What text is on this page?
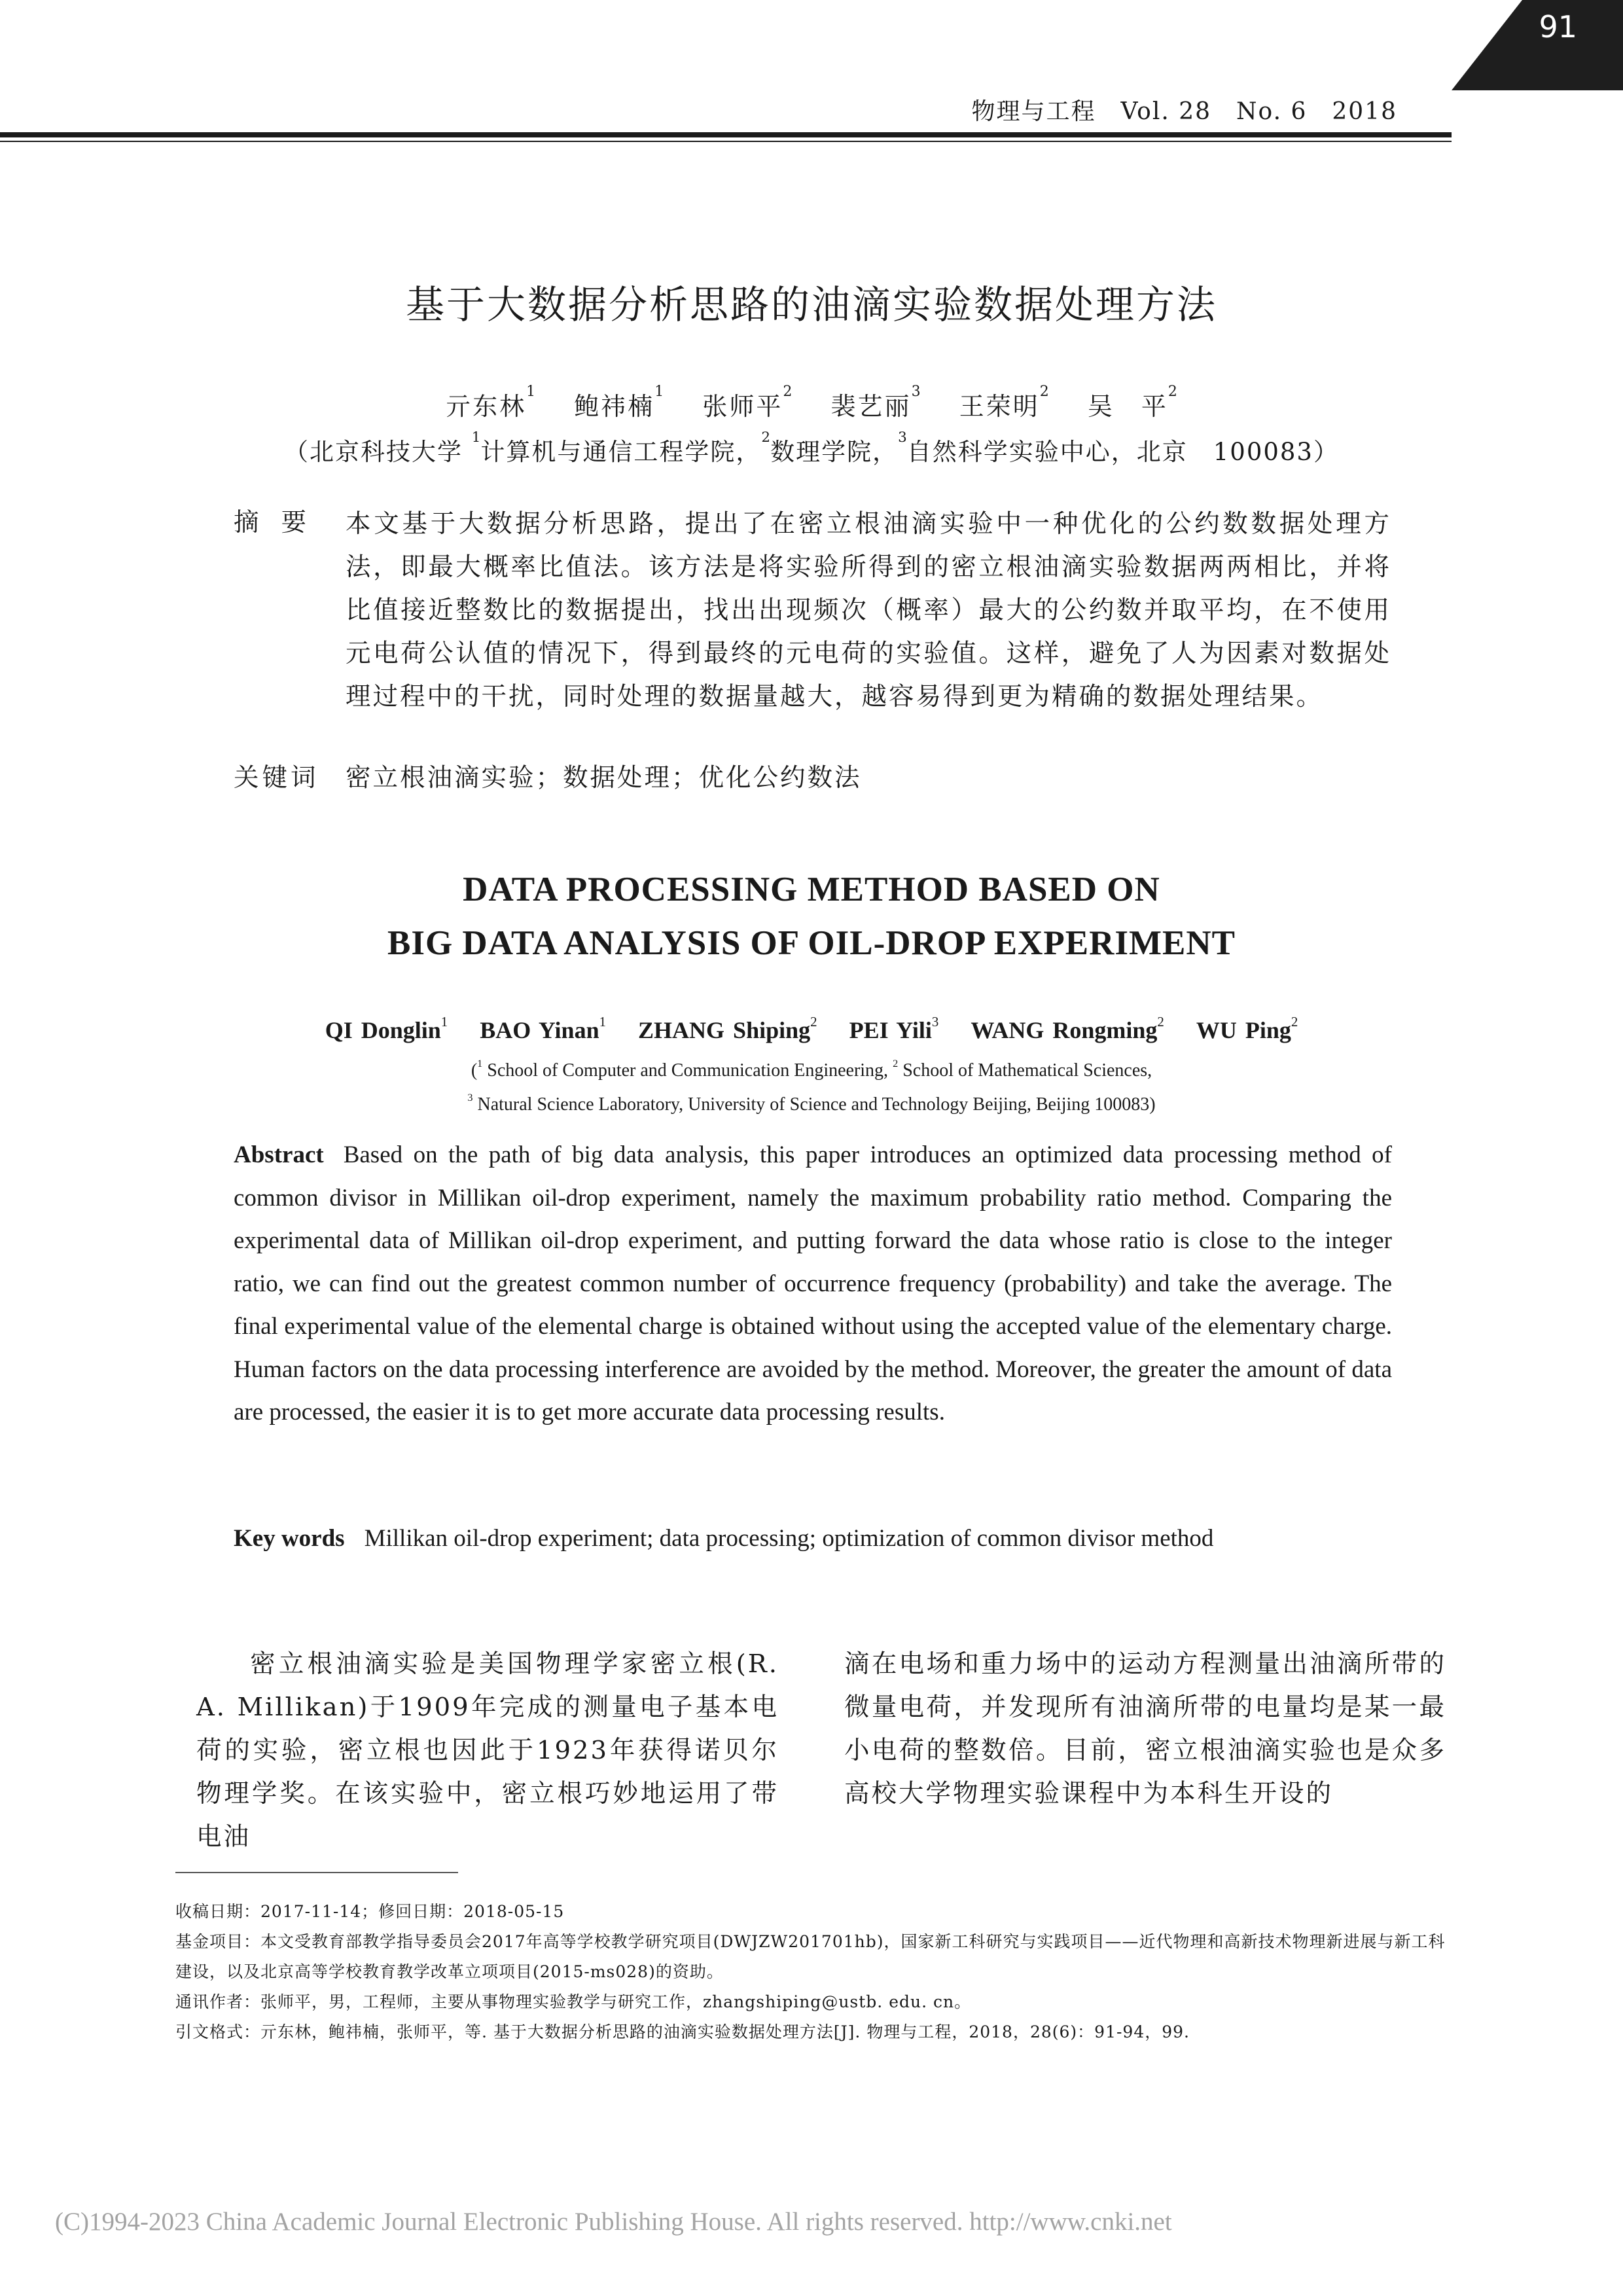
91
物理与工程 Vol. 28 No. 6 2018
基于大数据分析思路的油滴实验数据处理方法
亓东林$^1$ 鲍祎楠$^1$ 张师平$^2$ 裴艺丽$^3$ 王荣明$^2$ 吴　平$^2$
（北京科技大学 $^1$计算机与通信工程学院，$^2$数理学院，$^3$自然科学实验中心，北京　100083）
摘要 本文基于大数据分析思路，提出了在密立根油滴实验中一种优化的公约数数据处理方法，即最大概率比值法。该方法是将实验所得到的密立根油滴实验数据两两相比，并将比值接近整数比的数据提出，找出出现频次（概率）最大的公约数并取平均，在不使用元电荷公认值的情况下，得到最终的元电荷的实验值。这样，避免了人为因素对数据处理过程中的干扰，同时处理的数据量越大，越容易得到更为精确的数据处理结果。
关键词 密立根油滴实验；数据处理；优化公约数法
DATA PROCESSING METHOD BASED ON
BIG DATA ANALYSIS OF OIL-DROP EXPERIMENT
QI Donglin$^1$ BAO Yinan$^1$ ZHANG Shiping$^2$ PEI Yili$^3$ WANG Rongming$^2$ WU Ping$^2$
($^1$ School of Computer and Communication Engineering, $^2$ School of Mathematical Sciences,
$^3$ Natural Science Laboratory, University of Science and Technology Beijing, Beijing 100083)
Abstract Based on the path of big data analysis, this paper introduces an optimized data processing method of common divisor in Millikan oil-drop experiment, namely the maximum probability ratio method. Comparing the experimental data of Millikan oil-drop experiment, and putting forward the data whose ratio is close to the integer ratio, we can find out the greatest common number of occurrence frequency (probability) and take the average. The final experimental value of the elemental charge is obtained without using the accepted value of the elementary charge. Human factors on the data processing interference are avoided by the method. Moreover, the greater the amount of data are processed, the easier it is to get more accurate data processing results.
Key words Millikan oil-drop experiment; data processing; optimization of common divisor method
密立根油滴实验是美国物理学家密立根(R. A. Millikan)于1909年完成的测量电子基本电荷的实验，密立根也因此于1923年获得诺贝尔物理学奖。在该实验中，密立根巧妙地运用了带电油
滴在电场和重力场中的运动方程测量出油滴所带的微量电荷，并发现所有油滴所带的电量均是某一最小电荷的整数倍。目前，密立根油滴实验也是众多高校大学物理实验课程中为本科生开设的
收稿日期：2017-11-14；修回日期：2018-05-15
基金项目：本文受教育部教学指导委员会2017年高等学校教学研究项目(DWJZW201701hb)，国家新工科研究与实践项目——近代物理和高新技术物理新进展与新工科建设，以及北京高等学校教育教学改革立项项目(2015-ms028)的资助。
通讯作者：张师平，男，工程师，主要从事物理实验教学与研究工作，zhangshiping@ustb. edu. cn。
引文格式：亓东林，鲍祎楠，张师平，等. 基于大数据分析思路的油滴实验数据处理方法[J]. 物理与工程，2018，28(6)：91-94，99.
(C)1994-2023 China Academic Journal Electronic Publishing House. All rights reserved. http://www.cnki.net
